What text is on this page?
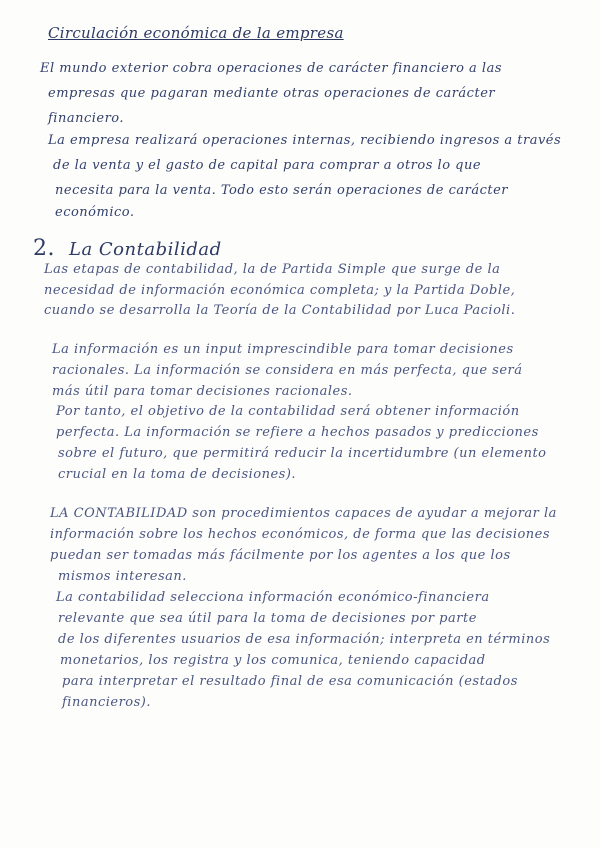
Circulación económica de la empresa
El mundo exterior cobra operaciones de carácter financiero a las
empresas que pagaran mediante otras operaciones de carácter
financiero.
La empresa realizará operaciones internas, recibiendo ingresos a través
de la venta y el gasto de capital para comprar a otros lo que
necesita para la venta. Todo esto serán operaciones de carácter
económico.
2. La Contabilidad
Las etapas de contabilidad, la de Partida Simple que surge de la
necesidad de información económica completa; y la Partida Doble,
cuando se desarrolla la Teoría de la Contabilidad por Luca Pacioli.
La información es un input imprescindible para tomar decisiones
racionales. La información se considera en más perfecta, que será
más útil para tomar decisiones racionales.
Por tanto, el objetivo de la contabilidad será obtener información
perfecta. La información se refiere a hechos pasados y predicciones
sobre el futuro, que permitirá reducir la incertidumbre (un elemento
crucial en la toma de decisiones).
LA CONTABILIDAD son procedimientos capaces de ayudar a mejorar la
información sobre los hechos económicos, de forma que las decisiones
puedan ser tomadas más fácilmente por los agentes a los que los
mismos interesan.
La contabilidad selecciona información económico-financiera
relevante que sea útil para la toma de decisiones por parte
de los diferentes usuarios de esa información; interpreta en términos
monetarios, los registra y los comunica, teniendo capacidad
para interpretar el resultado final de esa comunicación (estados
financieros).
